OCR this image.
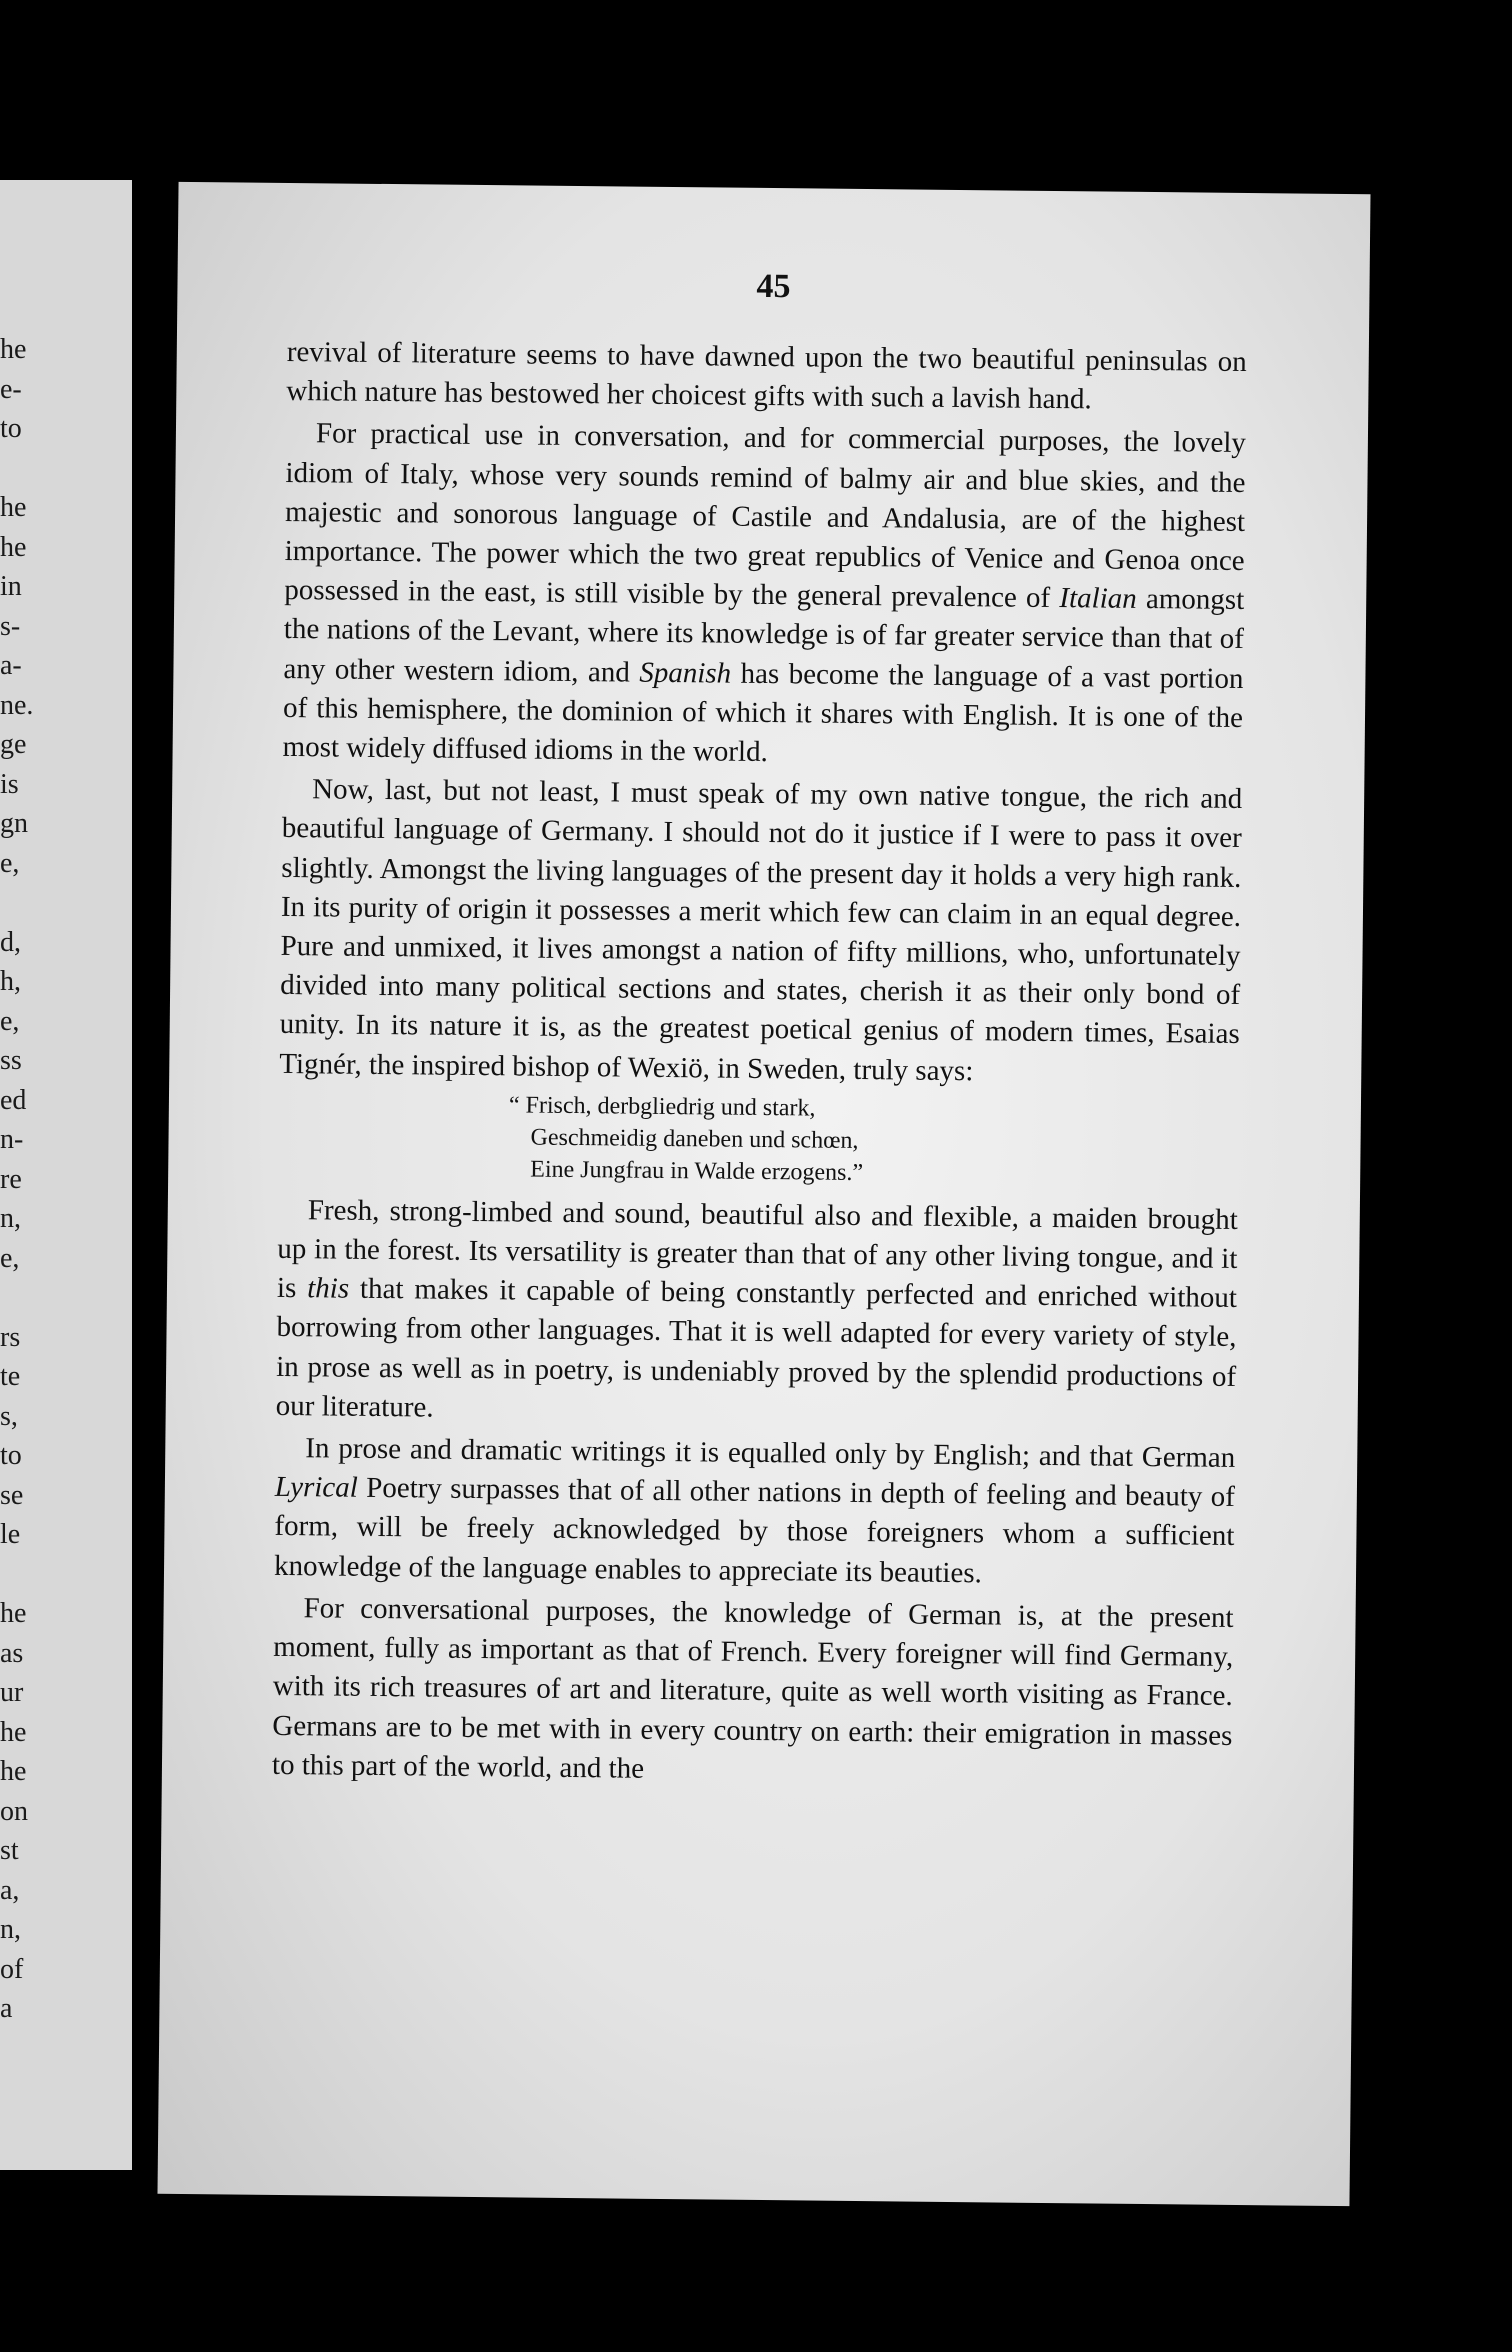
he
e-
to
he
he
in
s-
a-
ne.
ge
is
gn
e,
d,
h,
e,
ss
ed
n-
re
n,
e,
rs
te
s,
to
se
le
he
as
ur
he
he
on
st
a,
n,
of
a
45

revival of literature seems to have dawned upon the two beautiful peninsulas on which nature has bestowed her choicest gifts with such a lavish hand.

For practical use in conversation, and for commercial purposes, the lovely idiom of Italy, whose very sounds remind of balmy air and blue skies, and the majestic and sonorous language of Castile and Andalusia, are of the highest importance. The power which the two great republics of Venice and Genoa once possessed in the east, is still visible by the general prevalence of Italian amongst the nations of the Levant, where its knowledge is of far greater service than that of any other western idiom, and Spanish has become the language of a vast portion of this hemisphere, the dominion of which it shares with English. It is one of the most widely diffused idioms in the world.

Now, last, but not least, I must speak of my own native tongue, the rich and beautiful language of Germany. I should not do it justice if I were to pass it over slightly. Amongst the living languages of the present day it holds a very high rank. In its purity of origin it possesses a merit which few can claim in an equal degree. Pure and unmixed, it lives amongst a nation of fifty millions, who, unfortunately divided into many political sections and states, cherish it as their only bond of unity. In its nature it is, as the greatest poetical genius of modern times, Esaias Tignér, the inspired bishop of Wexiö, in Sweden, truly says:

“ Frisch, derbgliedrig und stark,
Geschmeidig daneben und schœn,
Eine Jungfrau in Walde erzogens.”

Fresh, strong-limbed and sound, beautiful also and flexible, a maiden brought up in the forest. Its versatility is greater than that of any other living tongue, and it is this that makes it capable of being constantly perfected and enriched without borrowing from other languages. That it is well adapted for every variety of style, in prose as well as in poetry, is undeniably proved by the splendid productions of our literature.

In prose and dramatic writings it is equalled only by English; and that German Lyrical Poetry surpasses that of all other nations in depth of feeling and beauty of form, will be freely acknowledged by those foreigners whom a sufficient knowledge of the language enables to appreciate its beauties.

For conversational purposes, the knowledge of German is, at the present moment, fully as important as that of French. Every foreigner will find Germany, with its rich treasures of art and literature, quite as well worth visiting as France. Germans are to be met with in every country on earth: their emigration in masses to this part of the world, and the
